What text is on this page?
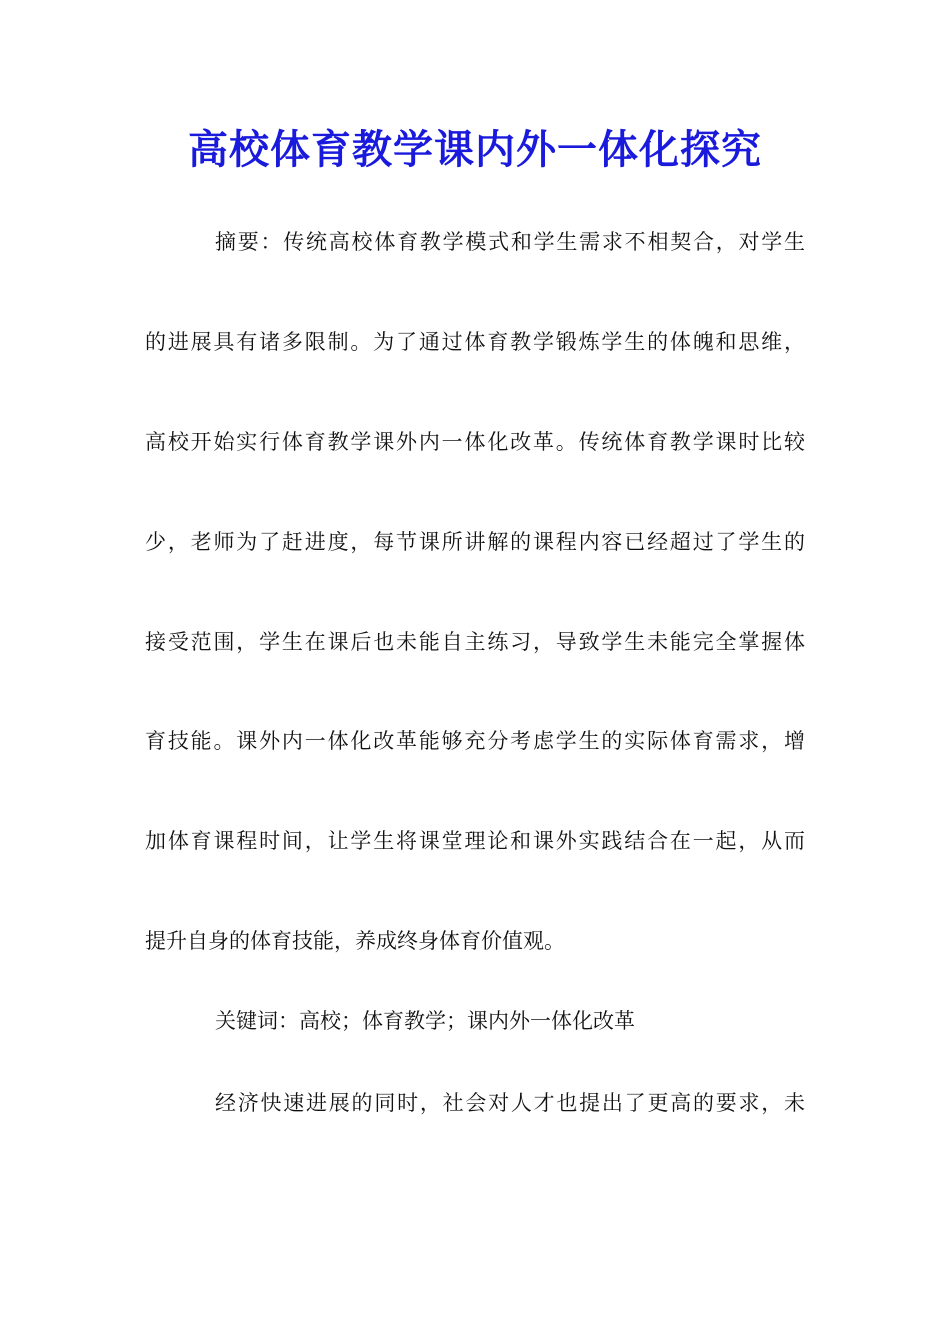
高校体育教学课内外一体化探究

摘要：传统高校体育教学模式和学生需求不相契合，对学生

的进展具有诸多限制。为了通过体育教学锻炼学生的体魄和思维，

高校开始实行体育教学课外内一体化改革。传统体育教学课时比较

少，老师为了赶进度，每节课所讲解的课程内容已经超过了学生的

接受范围，学生在课后也未能自主练习，导致学生未能完全掌握体

育技能。课外内一体化改革能够充分考虑学生的实际体育需求，增

加体育课程时间，让学生将课堂理论和课外实践结合在一起，从而

提升自身的体育技能，养成终身体育价值观。

关键词：高校；体育教学；课内外一体化改革

经济快速进展的同时，社会对人才也提出了更高的要求，未
